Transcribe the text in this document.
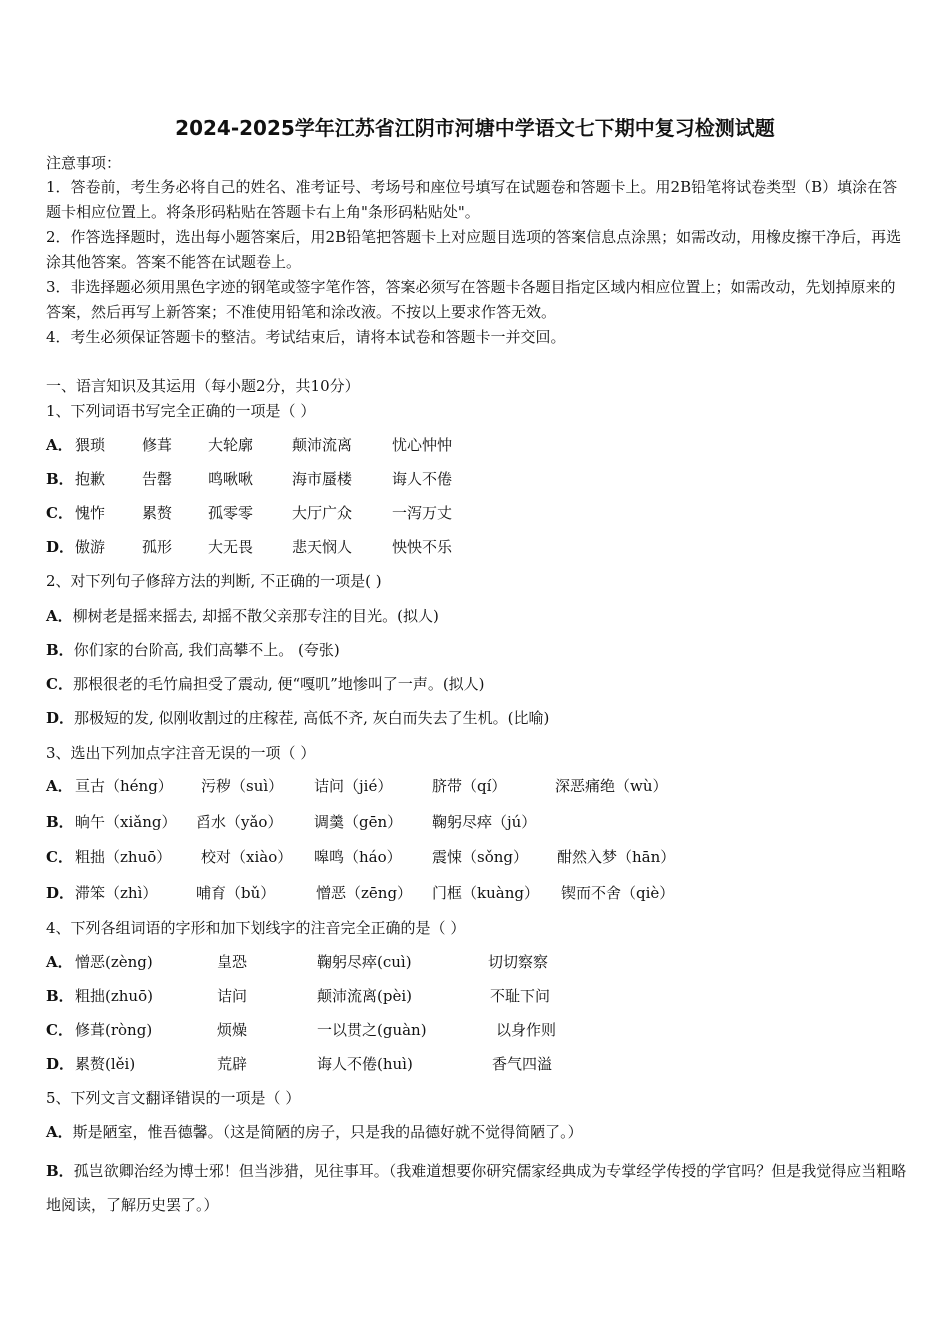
2024-2025学年江苏省江阴市河塘中学语文七下期中复习检测试题
注意事项：
1．答卷前，考生务必将自己的姓名、准考证号、考场号和座位号填写在试题卷和答题卡上。用2B铅笔将试卷类型（B）填涂在答题卡相应位置上。将条形码粘贴在答题卡右上角"条形码粘贴处"。
2．作答选择题时，选出每小题答案后，用2B铅笔把答题卡上对应题目选项的答案信息点涂黑；如需改动，用橡皮擦干净后，再选涂其他答案。答案不能答在试题卷上。
3．非选择题必须用黑色字迹的钢笔或签字笔作答，答案必须写在答题卡各题目指定区域内相应位置上；如需改动，先划掉原来的答案，然后再写上新答案；不准使用铅笔和涂改液。不按以上要求作答无效。
4．考生必须保证答题卡的整洁。考试结束后，请将本试卷和答题卡一并交回。
一、语言知识及其运用（每小题2分，共10分）
1、下列词语书写完全正确的一项是（ ）
A． 猥琐 修葺 大轮廓	颠沛流离	忧心忡忡
B． 抱歉 告罄 鸣啾啾	海市蜃楼	诲人不倦
C． 愧怍 累赘 孤零零	大厅广众	一泻万丈
D． 傲游 孤形 大无畏	悲天悯人	怏怏不乐
2、对下列句子修辞方法的判断, 不正确的一项是( )
A．柳树老是摇来摇去, 却摇不散父亲那专注的目光。(拟人)
B．你们家的台阶高, 我们高攀不上。 (夸张)
C．那根很老的毛竹扁担受了震动, 便“嘎叽”地惨叫了一声。(拟人)
D．那极短的发, 似刚收割过的庄稼茬, 高低不齐, 灰白而失去了生机。(比喻)
3、选出下列加点字注音无误的一项（ ）
A． 亘古（héng） 污秽（suì） 诘问（jié）	脐带（qí）	深恶痛绝（wù）
B． 晌午（xiǎng） 舀水（yǎo） 调羹（gēn） 鞠躬尽瘁（jú）
C． 粗拙（zhuō） 校对（xiào） 嗥鸣（háo） 震悚（sǒng） 酣然入梦（hān）
D． 滞笨（zhì）	哺育（bǔ）	憎恶（zēng） 门框（kuàng） 锲而不舍（qiè）
4、下列各组词语的字形和加下划线字的注音完全正确的是（ ）
A． 憎恶(zèng)	皇恐	鞠躬尽瘁(cuì)	切切察察
B． 粗拙(zhuō)	诘问	颠沛流离(pèi)	不耻下问
C． 修葺(ròng)	烦燥	一以贯之(guàn)	以身作则
D． 累赘(lěi)	荒辟	诲人不倦(huì)	香气四溢
5、下列文言文翻译错误的一项是（ ）
A．斯是陋室，惟吾德馨。（这是简陋的房子，只是我的品德好就不觉得简陋了。）
B．孤岂欲卿治经为博士邪！但当涉猎，见往事耳。（我难道想要你研究儒家经典成为专掌经学传授的学官吗？但是我觉得应当粗略地阅读，了解历史罢了。）
